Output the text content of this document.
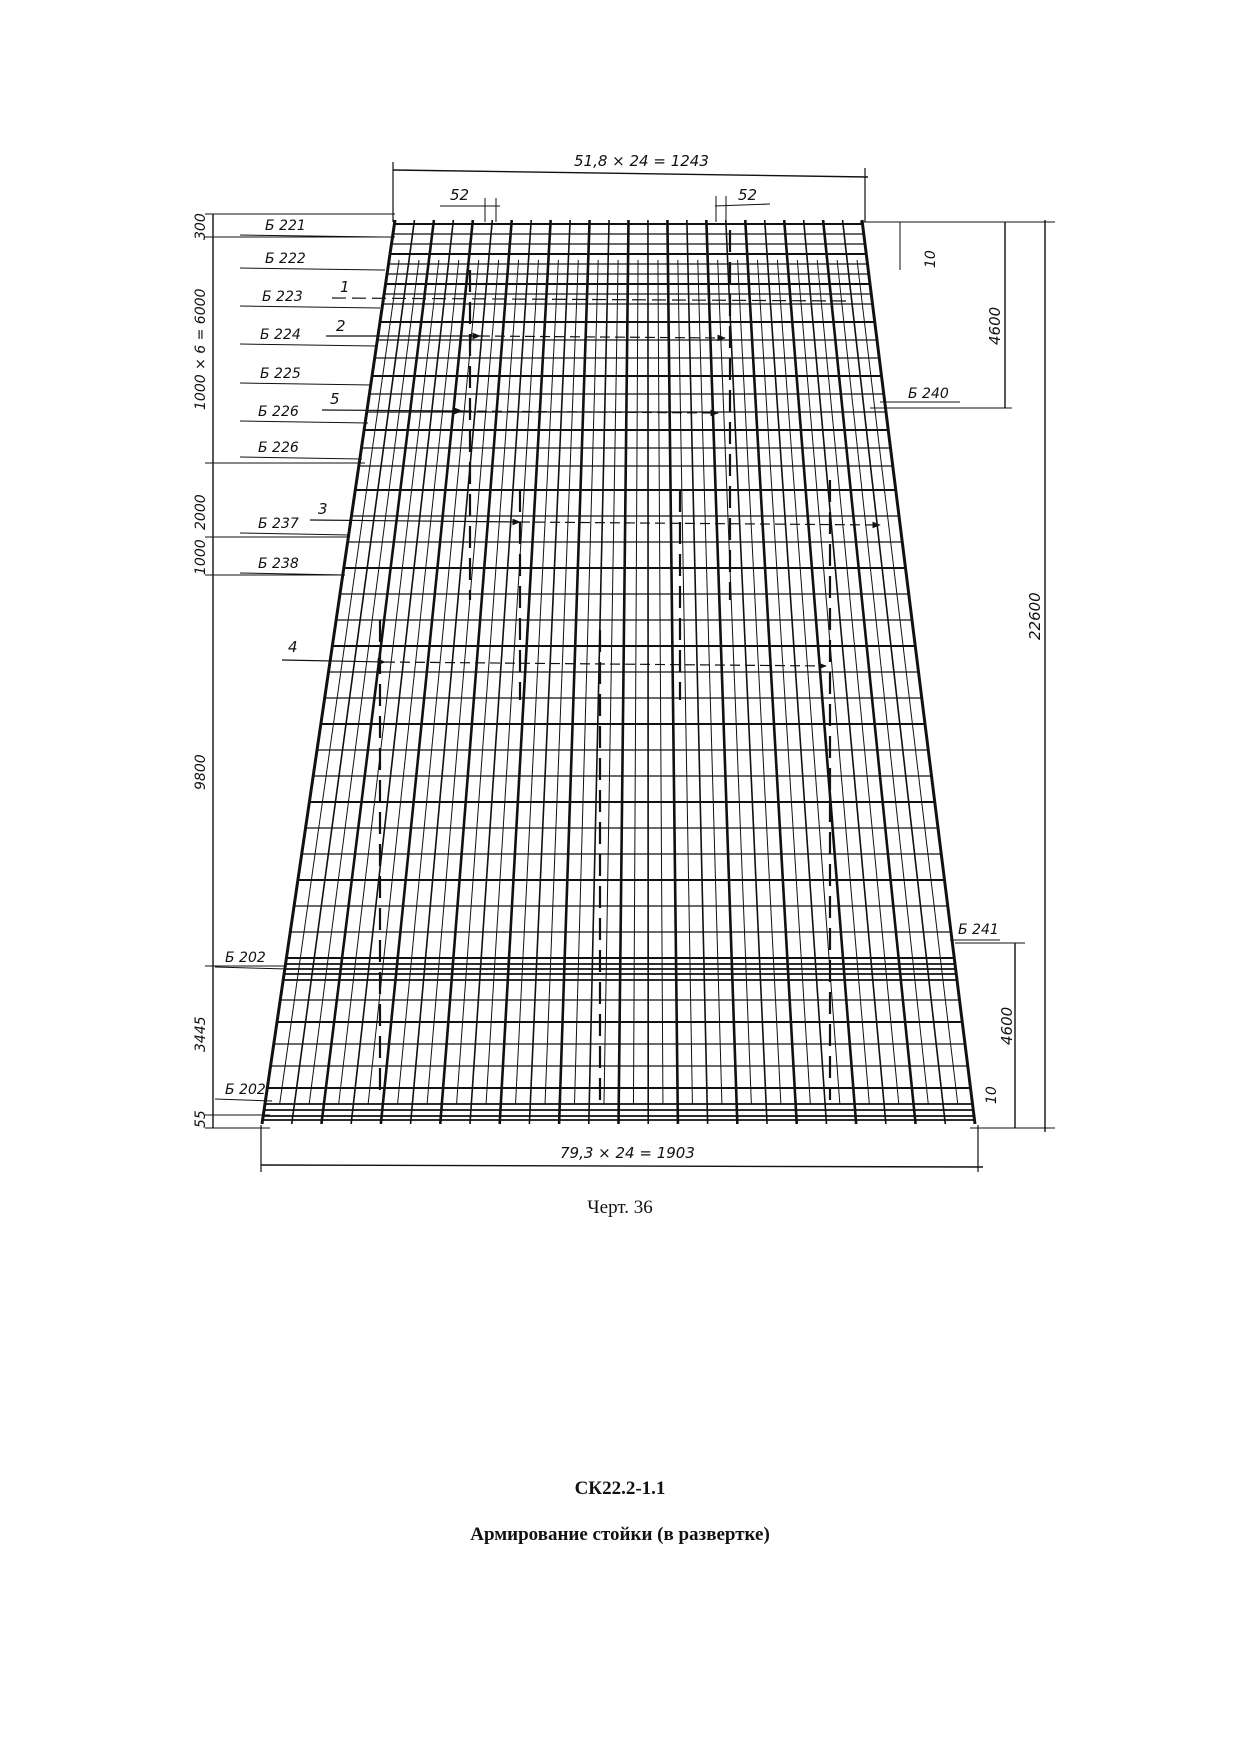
51,8 × 24 = 1243
52	52
79,3 × 24 = 1903
10
4600
22600
4600
10
300
1000 × 6 = 6000
2000
1000
9800
3445
55
Б 221
Б 222
Б 223
Б 224
Б 225
Б 226
Б 226
Б 237
Б 238
Б 202
Б 202
Б 240
Б 241
1
2
5
3
4
Черт. 36
СК22.2-1.1
Армирование стойки (в развертке)
